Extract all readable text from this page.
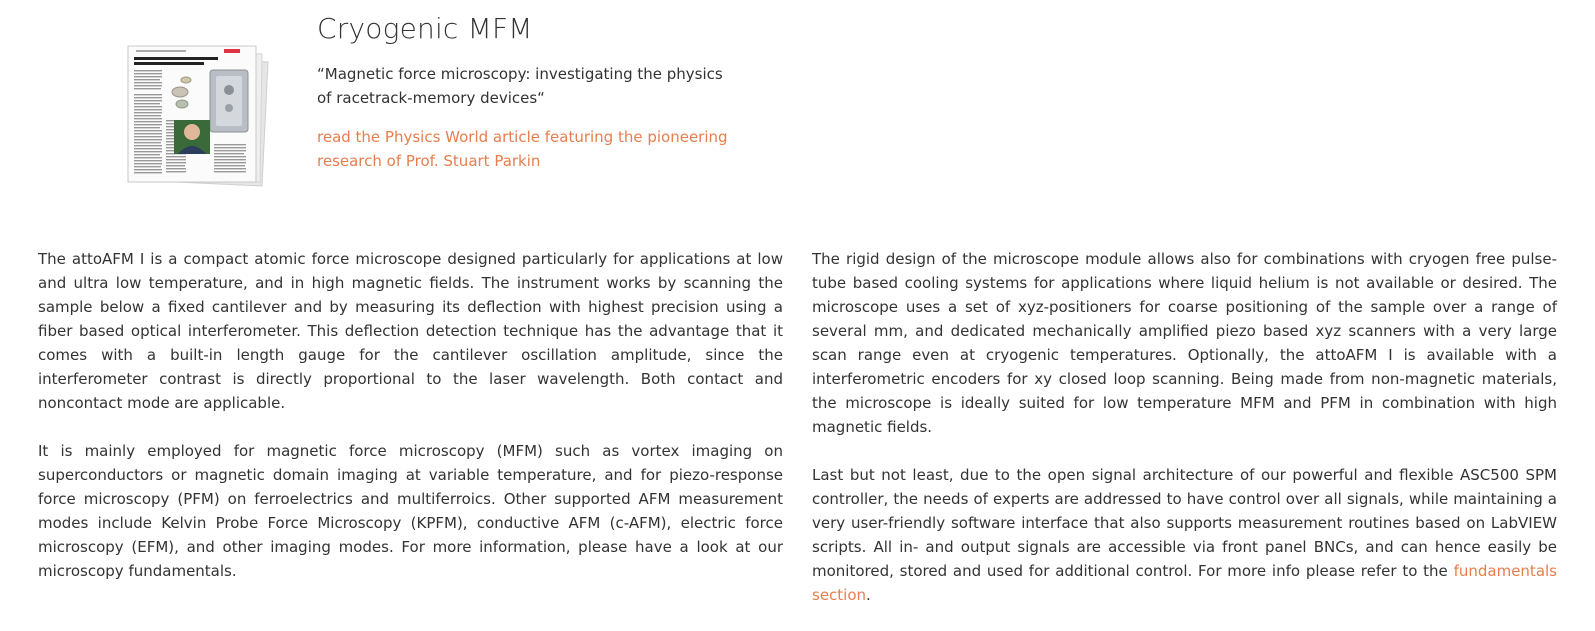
Cryogenic MFM

“Magnetic force microscopy: investigating the physics of racetrack-memory devices“

read the Physics World article featuring the pioneering research of Prof. Stuart Parkin

The attoAFM I is a compact atomic force microscope designed particularly for applications at low and ultra low temperature, and in high magnetic fields. The instrument works by scanning the sample below a fixed cantilever and by measuring its deflection with highest precision using a fiber based optical interferometer. This deflection detection technique has the advantage that it comes with a built-in length gauge for the cantilever oscillation amplitude, since the interferometer contrast is directly proportional to the laser wavelength. Both contact and noncontact mode are applicable.

It is mainly employed for magnetic force microscopy (MFM) such as vortex imaging on superconductors or magnetic domain imaging at variable temperature, and for piezo-response force microscopy (PFM) on ferroelectrics and multiferroics. Other supported AFM measurement modes include Kelvin Probe Force Microscopy (KPFM), conductive AFM (c-AFM), electric force microscopy (EFM), and other imaging modes. For more information, please have a look at our microscopy fundamentals.

The rigid design of the microscope module allows also for combinations with cryogen free pulse-tube based cooling systems for applications where liquid helium is not available or desired. The microscope uses a set of xyz-positioners for coarse positioning of the sample over a range of several mm, and dedicated mechanically amplified piezo based xyz scanners with a very large scan range even at cryogenic temperatures. Optionally, the attoAFM I is available with a interferometric encoders for xy closed loop scanning. Being made from non-magnetic materials, the microscope is ideally suited for low temperature MFM and PFM in combination with high magnetic fields.

Last but not least, due to the open signal architecture of our powerful and flexible ASC500 SPM controller, the needs of experts are addressed to have control over all signals, while maintaining a very user-friendly software interface that also supports measurement routines based on LabVIEW scripts. All in- and output signals are accessible via front panel BNCs, and can hence easily be monitored, stored and used for additional control. For more info please refer to the fundamentals section.
